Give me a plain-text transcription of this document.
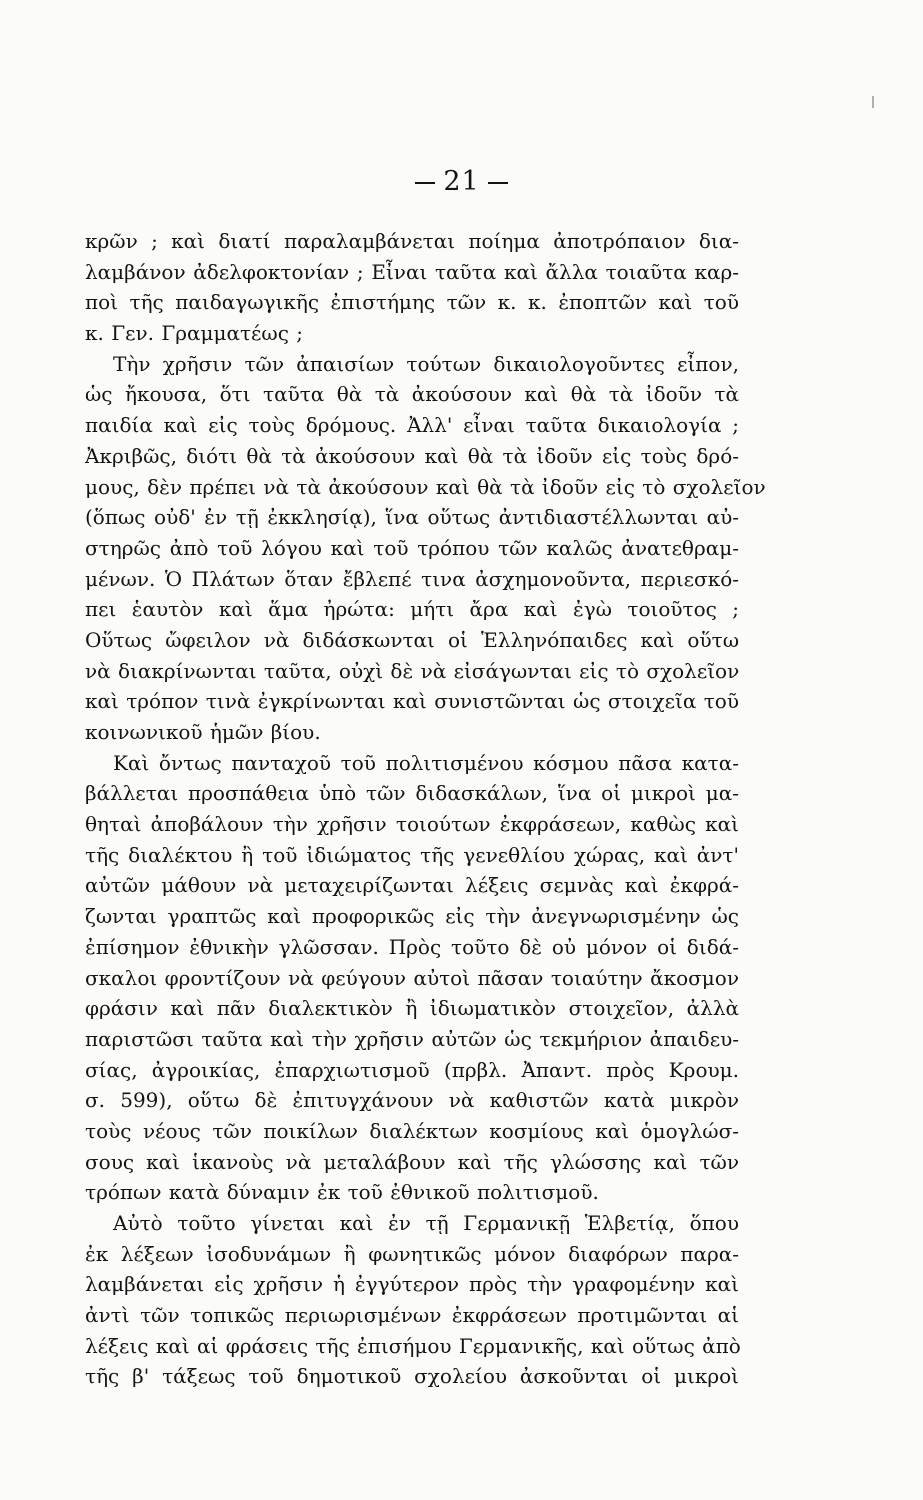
21
κρῶν ; καὶ διατί παραλαμβάνεται ποίημα ἀποτρόπαιον δια-
λαμβάνον ἀδελφοκτονίαν ; Εἶναι ταῦτα καὶ ἄλλα τοιαῦτα καρ-
ποὶ τῆς παιδαγωγικῆς ἐπιστήμης τῶν κ. κ. ἐποπτῶν καὶ τοῦ
κ. Γεν. Γραμματέως ;
Τὴν χρῆσιν τῶν ἀπαισίων τούτων δικαιολογοῦντες εἶπον,
ὡς ἤκουσα, ὅτι ταῦτα θὰ τὰ ἀκούσουν καὶ θὰ τὰ ἰδοῦν τὰ
παιδία καὶ εἰς τοὺς δρόμους. Ἀλλ' εἶναι ταῦτα δικαιολογία ;
Ἀκριβῶς, διότι θὰ τὰ ἀκούσουν καὶ θὰ τὰ ἰδοῦν εἰς τοὺς δρό-
μους, δὲν πρέπει νὰ τὰ ἀκούσουν καὶ θὰ τὰ ἰδοῦν εἰς τὸ σχολεῖον
(ὅπως οὐδ' ἐν τῇ ἐκκλησίᾳ), ἵνα οὕτως ἀντιδιαστέλλωνται αὐ-
στηρῶς ἀπὸ τοῦ λόγου καὶ τοῦ τρόπου τῶν καλῶς ἀνατεθραμ-
μένων. Ὁ Πλάτων ὅταν ἔβλεπέ τινα ἀσχημονοῦντα, περιεσκό-
πει ἑαυτὸν καὶ ἅμα ἠρώτα: μήτι ἄρα καὶ ἐγὼ τοιοῦτος ;
Οὕτως ὤφειλον νὰ διδάσκωνται οἱ Ἑλληνόπαιδες καὶ οὕτω
νὰ διακρίνωνται ταῦτα, οὐχὶ δὲ νὰ εἰσάγωνται εἰς τὸ σχολεῖον
καὶ τρόπον τινὰ ἐγκρίνωνται καὶ συνιστῶνται ὡς στοιχεῖα τοῦ
κοινωνικοῦ ἡμῶν βίου.
Καὶ ὄντως πανταχοῦ τοῦ πολιτισμένου κόσμου πᾶσα κατα-
βάλλεται προσπάθεια ὑπὸ τῶν διδασκάλων, ἵνα οἱ μικροὶ μα-
θηταὶ ἀποβάλουν τὴν χρῆσιν τοιούτων ἐκφράσεων, καθὼς καὶ
τῆς διαλέκτου ἢ τοῦ ἰδιώματος τῆς γενεθλίου χώρας, καὶ ἀντ'
αὐτῶν μάθουν νὰ μεταχειρίζωνται λέξεις σεμνὰς καὶ ἐκφρά-
ζωνται γραπτῶς καὶ προφορικῶς εἰς τὴν ἀνεγνωρισμένην ὡς
ἐπίσημον ἐθνικὴν γλῶσσαν. Πρὸς τοῦτο δὲ οὐ μόνον οἱ διδά-
σκαλοι φροντίζουν νὰ φεύγουν αὐτοὶ πᾶσαν τοιαύτην ἄκοσμον
φράσιν καὶ πᾶν διαλεκτικὸν ἢ ἰδιωματικὸν στοιχεῖον, ἀλλὰ
παριστῶσι ταῦτα καὶ τὴν χρῆσιν αὐτῶν ὡς τεκμήριον ἀπαιδευ-
σίας, ἀγροικίας, ἐπαρχιωτισμοῦ (πρβλ. Ἀπαντ. πρὸς Κρουμ.
σ. 599), οὕτω δὲ ἐπιτυγχάνουν νὰ καθιστῶν κατὰ μικρὸν
τοὺς νέους τῶν ποικίλων διαλέκτων κοσμίους καὶ ὁμογλώσ-
σους καὶ ἱκανοὺς νὰ μεταλάβουν καὶ τῆς γλώσσης καὶ τῶν
τρόπων κατὰ δύναμιν ἐκ τοῦ ἐθνικοῦ πολιτισμοῦ.
Αὐτὸ τοῦτο γίνεται καὶ ἐν τῇ Γερμανικῇ Ἑλβετίᾳ, ὅπου
ἐκ λέξεων ἰσοδυνάμων ἢ φωνητικῶς μόνον διαφόρων παρα-
λαμβάνεται εἰς χρῆσιν ἡ ἐγγύτερον πρὸς τὴν γραφομένην καὶ
ἀντὶ τῶν τοπικῶς περιωρισμένων ἐκφράσεων προτιμῶνται αἱ
λέξεις καὶ αἱ φράσεις τῆς ἐπισήμου Γερμανικῆς, καὶ οὕτως ἀπὸ
τῆς β' τάξεως τοῦ δημοτικοῦ σχολείου ἀσκοῦνται οἱ μικροὶ
